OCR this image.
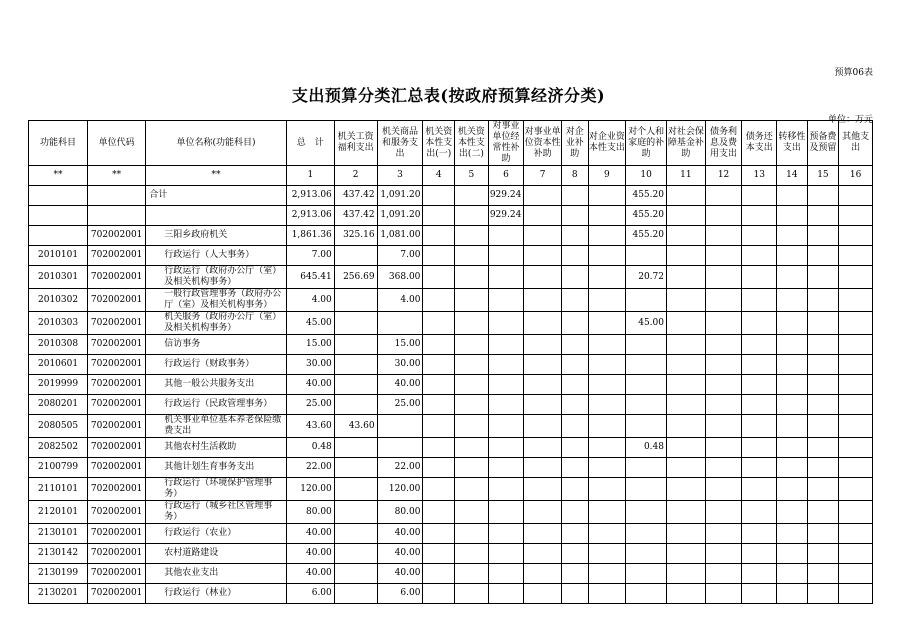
预算06表
支出预算分类汇总表(按政府预算经济分类)
单位：万元
功能科目	单位代码	单位名称(功能科目)	总　计	机关工资福利支出	机关商品和服务支出	机关资本性支出(一)	机关资本性支出(二)	对事业单位经常性补助	对事业单位资本性补助	对企业补助	对企业资本性支出	对个人和家庭的补助	对社会保障基金补助	债务利息及费用支出	债务还本支出	转移性支出	预备费及预留	其他支出
**	**	**	1	2	3	4	5	6	7	8	9	10	11	12	13	14	15	16
		合计	2,913.06	437.42	1,091.20			929.24				455.20						
			2,913.06	437.42	1,091.20			929.24				455.20						
	702002001	三阳乡政府机关	1,861.36	325.16	1,081.00							455.20						
2010101	702002001	行政运行（人大事务）	7.00		7.00													
2010301	702002001	行政运行（政府办公厅（室）及相关机构事务）	645.41	256.69	368.00							20.72						
2010302	702002001	一般行政管理事务（政府办公厅（室）及相关机构事务）	4.00		4.00													
2010303	702002001	机关服务（政府办公厅（室）及相关机构事务）	45.00									45.00						
2010308	702002001	信访事务	15.00		15.00													
2010601	702002001	行政运行（财政事务）	30.00		30.00													
2019999	702002001	其他一般公共服务支出	40.00		40.00													
2080201	702002001	行政运行（民政管理事务）	25.00		25.00													
2080505	702002001	机关事业单位基本养老保险缴费支出	43.60	43.60														
2082502	702002001	其他农村生活救助	0.48									0.48						
2100799	702002001	其他计划生育事务支出	22.00		22.00													
2110101	702002001	行政运行（环境保护管理事务）	120.00		120.00													
2120101	702002001	行政运行（城乡社区管理事务）	80.00		80.00													
2130101	702002001	行政运行（农业）	40.00		40.00													
2130142	702002001	农村道路建设	40.00		40.00													
2130199	702002001	其他农业支出	40.00		40.00													
2130201	702002001	行政运行（林业）	6.00		6.00													
